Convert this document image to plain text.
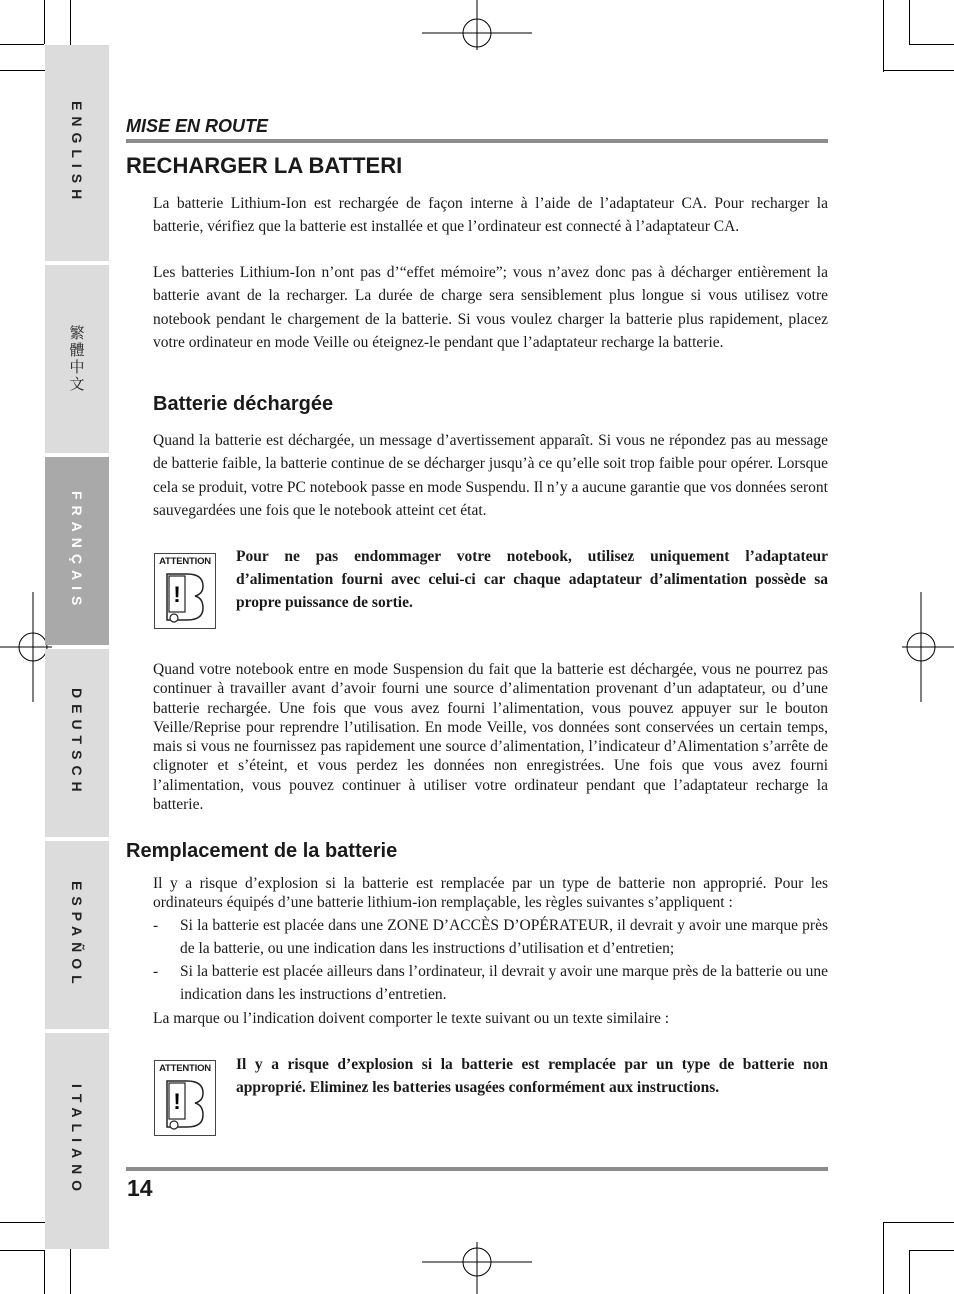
ENGLISH
繁體中文
FRANÇAIS
DEUTSCH
ESPAÑOL
ITALIANO
MISE EN ROUTE
RECHARGER LA BATTERI
La batterie Lithium-Ion est rechargée de façon interne à l’aide de l’adaptateur CA. Pour recharger la batterie, vérifiez que la batterie est installée et que l’ordinateur est connecté à l’adaptateur CA.
Les batteries Lithium-Ion n’ont pas d’“effet mémoire”; vous n’avez donc pas à décharger entièrement la batterie avant de la recharger. La durée de charge sera sensiblement plus longue si vous utilisez votre notebook pendant le chargement de la batterie. Si vous voulez charger la batterie plus rapidement, placez votre ordinateur en mode Veille ou éteignez-le pendant que l’adaptateur recharge la batterie.
Batterie déchargée
Quand la batterie est déchargée, un message d’avertissement apparaît. Si vous ne répondez pas au message de batterie faible, la batterie continue de se décharger jusqu’à ce qu’elle soit trop faible pour opérer. Lorsque cela se produit, votre PC notebook passe en mode Suspendu. Il n’y a aucune garantie que vos données seront sauvegardées une fois que le notebook atteint cet état.
ATTENTION
!
Pour ne pas endommager votre notebook, utilisez uniquement l’adaptateur d’alimentation fourni avec celui-ci car chaque adaptateur d’alimentation possède sa propre puissance de sortie.
Quand votre notebook entre en mode Suspension du fait que la batterie est déchargée, vous ne pourrez pas continuer à travailler avant d’avoir fourni une source d’alimentation provenant d’un adaptateur, ou d’une batterie rechargée. Une fois que vous avez fourni l’alimentation, vous pouvez appuyer sur le bouton Veille/Reprise pour reprendre l’utilisation. En mode Veille, vos données sont conservées un certain temps, mais si vous ne fournissez pas rapidement une source d’alimentation, l’indicateur d’Alimentation s’arrête de clignoter et s’éteint, et vous perdez les données non enregistrées. Une fois que vous avez fourni l’alimentation, vous pouvez continuer à utiliser votre ordinateur pendant que l’adaptateur recharge la batterie.
Remplacement de la batterie
Il y a risque d’explosion si la batterie est remplacée par un type de batterie non approprié. Pour les ordinateurs équipés d’une batterie lithium-ion remplaçable, les règles suivantes s’appliquent :
- Si la batterie est placée dans une ZONE D’ACCÈS D’OPÉRATEUR, il devrait y avoir une marque près de la batterie, ou une indication dans les instructions d’utilisation et d’entretien;
- Si la batterie est placée ailleurs dans l’ordinateur, il devrait y avoir une marque près de la batterie ou une indication dans les instructions d’entretien.
La marque ou l’indication doivent comporter le texte suivant ou un texte similaire :
ATTENTION
!
Il y a risque d’explosion si la batterie est remplacée par un type de batterie non approprié. Eliminez les batteries usagées conformément aux instructions.
14
